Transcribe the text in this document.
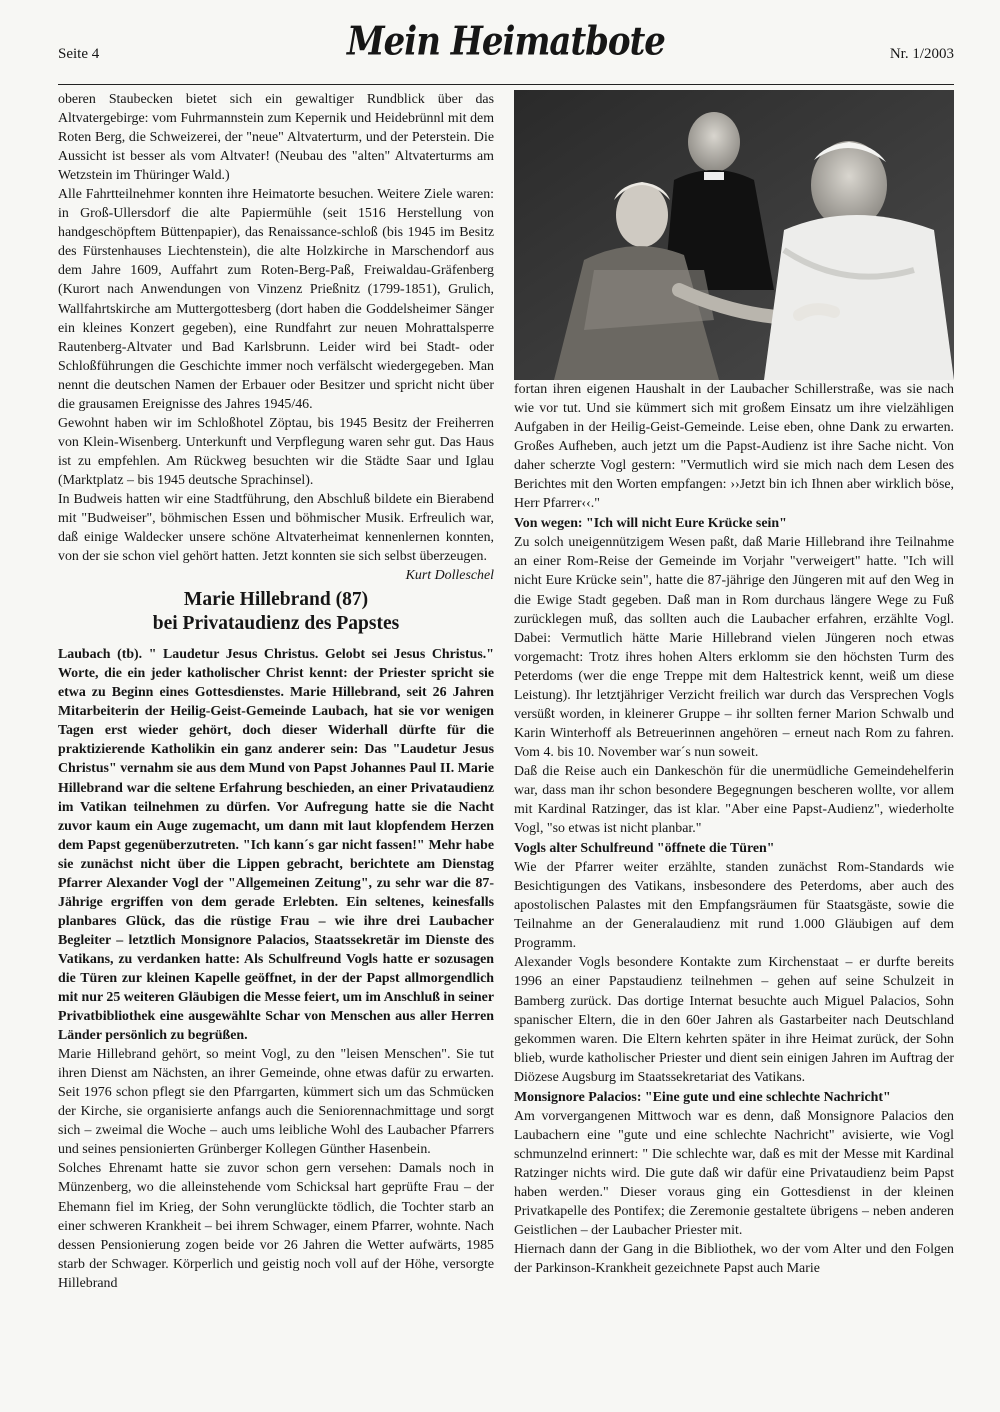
Seite 4	Mein Heimatbote	Nr. 1/2003

oberen Staubecken bietet sich ein gewaltiger Rundblick über das Altvatergebirge: vom Fuhrmannstein zum Kepernik und Heidebrünnl mit dem Roten Berg, die Schweizerei, der "neue" Altvaterturm, und der Peterstein. Die Aussicht ist besser als vom Altvater! (Neubau des "alten" Altvaterturms am Wetzstein im Thüringer Wald.)

Alle Fahrtteilnehmer konnten ihre Heimatorte besuchen. Weitere Ziele waren: in Groß-Ullersdorf die alte Papiermühle (seit 1516 Herstellung von handgeschöpftem Büttenpapier), das Renaissance-schloß (bis 1945 im Besitz des Fürstenhauses Liechtenstein), die alte Holzkirche in Marschendorf aus dem Jahre 1609, Auffahrt zum Roten-Berg-Paß, Freiwaldau-Gräfenberg (Kurort nach Anwendungen von Vinzenz Prießnitz (1799-1851), Grulich, Wallfahrtskirche am Muttergottesberg (dort haben die Goddelsheimer Sänger ein kleines Konzert gegeben), eine Rundfahrt zur neuen Mohrattalsperre Rautenberg-Altvater und Bad Karlsbrunn. Leider wird bei Stadt- oder Schloßführungen die Geschichte immer noch verfälscht wiedergegeben. Man nennt die deutschen Namen der Erbauer oder Besitzer und spricht nicht über die grausamen Ereignisse des Jahres 1945/46.

Gewohnt haben wir im Schloßhotel Zöptau, bis 1945 Besitz der Freiherren von Klein-Wisenberg. Unterkunft und Verpflegung waren sehr gut. Das Haus ist zu empfehlen. Am Rückweg besuchten wir die Städte Saar und Iglau (Marktplatz – bis 1945 deutsche Sprachinsel).

In Budweis hatten wir eine Stadtführung, den Abschluß bildete ein Bierabend mit "Budweiser", böhmischen Essen und böhmischer Musik. Erfreulich war, daß einige Waldecker unsere schöne Altvaterheimat kennenlernen konnten, von der sie schon viel gehört hatten. Jetzt konnten sie sich selbst überzeugen.
Kurt Dolleschel

Marie Hillebrand (87)
bei Privataudienz des Papstes

Laubach (tb). " Laudetur Jesus Christus. Gelobt sei Jesus Christus." Worte, die ein jeder katholischer Christ kennt: der Priester spricht sie etwa zu Beginn eines Gottesdienstes. Marie Hillebrand, seit 26 Jahren Mitarbeiterin der Heilig-Geist-Gemeinde Laubach, hat sie vor wenigen Tagen erst wieder gehört, doch dieser Widerhall dürfte für die praktizierende Katholikin ein ganz anderer sein: Das "Laudetur Jesus Christus" vernahm sie aus dem Mund von Papst Johannes Paul II. Marie Hillebrand war die seltene Erfahrung beschieden, an einer Privataudienz im Vatikan teilnehmen zu dürfen. Vor Aufregung hatte sie die Nacht zuvor kaum ein Auge zugemacht, um dann mit laut klopfendem Herzen dem Papst gegenüberzutreten. "Ich kann´s gar nicht fassen!" Mehr habe sie zunächst nicht über die Lippen gebracht, berichtete am Dienstag Pfarrer Alexander Vogl der "Allgemeinen Zeitung", zu sehr war die 87-Jährige ergriffen von dem gerade Erlebten. Ein seltenes, keinesfalls planbares Glück, das die rüstige Frau – wie ihre drei Laubacher Begleiter – letztlich Monsignore Palacios, Staatssekretär im Dienste des Vatikans, zu verdanken hatte: Als Schulfreund Vogls hatte er sozusagen die Türen zur kleinen Kapelle geöffnet, in der der Papst allmorgendlich mit nur 25 weiteren Gläubigen die Messe feiert, um im Anschluß in seiner Privatbibliothek eine ausgewählte Schar von Menschen aus aller Herren Länder persönlich zu begrüßen.

Marie Hillebrand gehört, so meint Vogl, zu den "leisen Menschen". Sie tut ihren Dienst am Nächsten, an ihrer Gemeinde, ohne etwas dafür zu erwarten. Seit 1976 schon pflegt sie den Pfarrgarten, kümmert sich um das Schmücken der Kirche, sie organisierte anfangs auch die Seniorennachmittage und sorgt sich – zweimal die Woche – auch ums leibliche Wohl des Laubacher Pfarrers und seines pensionierten Grünberger Kollegen Günther Hasenbein.

Solches Ehrenamt hatte sie zuvor schon gern versehen: Damals noch in Münzenberg, wo die alleinstehende vom Schicksal hart geprüfte Frau – der Ehemann fiel im Krieg, der Sohn verunglückte tödlich, die Tochter starb an einer schweren Krankheit – bei ihrem Schwager, einem Pfarrer, wohnte. Nach dessen Pensionierung zogen beide vor 26 Jahren die Wetter aufwärts, 1985 starb der Schwager. Körperlich und geistig noch voll auf der Höhe, versorgte Hillebrand

fortan ihren eigenen Haushalt in der Laubacher Schillerstraße, was sie nach wie vor tut. Und sie kümmert sich mit großem Einsatz um ihre vielzähligen Aufgaben in der Heilig-Geist-Gemeinde. Leise eben, ohne Dank zu erwarten. Großes Aufheben, auch jetzt um die Papst-Audienz ist ihre Sache nicht. Von daher scherzte Vogl gestern: "Vermutlich wird sie mich nach dem Lesen des Berichtes mit den Worten empfangen: ››Jetzt bin ich Ihnen aber wirklich böse, Herr Pfarrer‹‹."

Von wegen: "Ich will nicht Eure Krücke sein"

Zu solch uneigennützigem Wesen paßt, daß Marie Hillebrand ihre Teilnahme an einer Rom-Reise der Gemeinde im Vorjahr "verweigert" hatte. "Ich will nicht Eure Krücke sein", hatte die 87-jährige den Jüngeren mit auf den Weg in die Ewige Stadt gegeben. Daß man in Rom durchaus längere Wege zu Fuß zurücklegen muß, das sollten auch die Laubacher erfahren, erzählte Vogl. Dabei: Vermutlich hätte Marie Hillebrand vielen Jüngeren noch etwas vorgemacht: Trotz ihres hohen Alters erklomm sie den höchsten Turm des Peterdoms (wer die enge Treppe mit dem Haltestrick kennt, weiß um diese Leistung). Ihr letztjähriger Verzicht freilich war durch das Versprechen Vogls versüßt worden, in kleinerer Gruppe – ihr sollten ferner Marion Schwalb und Karin Winterhoff als Betreuerinnen angehören – erneut nach Rom zu fahren. Vom 4. bis 10. November war´s nun soweit.

Daß die Reise auch ein Dankeschön für die unermüdliche Gemeindehelferin war, dass man ihr schon besondere Begegnungen bescheren wollte, vor allem mit Kardinal Ratzinger, das ist klar. "Aber eine Papst-Audienz", wiederholte Vogl, "so etwas ist nicht planbar."

Vogls alter Schulfreund "öffnete die Türen"

Wie der Pfarrer weiter erzählte, standen zunächst Rom-Standards wie Besichtigungen des Vatikans, insbesondere des Peterdoms, aber auch des apostolischen Palastes mit den Empfangsräumen für Staatsgäste, sowie die Teilnahme an der Generalaudienz mit rund 1.000 Gläubigen auf dem Programm.

Alexander Vogls besondere Kontakte zum Kirchenstaat – er durfte bereits 1996 an einer Papstaudienz teilnehmen – gehen auf seine Schulzeit in Bamberg zurück. Das dortige Internat besuchte auch Miguel Palacios, Sohn spanischer Eltern, die in den 60er Jahren als Gastarbeiter nach Deutschland gekommen waren. Die Eltern kehrten später in ihre Heimat zurück, der Sohn blieb, wurde katholischer Priester und dient sein einigen Jahren im Auftrag der Diözese Augsburg im Staatssekretariat des Vatikans.

Monsignore Palacios: "Eine gute und eine schlechte Nachricht"

Am vorvergangenen Mittwoch war es denn, daß Monsignore Palacios den Laubachern eine "gute und eine schlechte Nachricht" avisierte, wie Vogl schmunzelnd erinnert: " Die schlechte war, daß es mit der Messe mit Kardinal Ratzinger nichts wird. Die gute daß wir dafür eine Privataudienz beim Papst haben werden." Dieser voraus ging ein Gottesdienst in der kleinen Privatkapelle des Pontifex; die Zeremonie gestaltete übrigens – neben anderen Geistlichen – der Laubacher Priester mit.

Hiernach dann der Gang in die Bibliothek, wo der vom Alter und den Folgen der Parkinson-Krankheit gezeichnete Papst auch Marie
